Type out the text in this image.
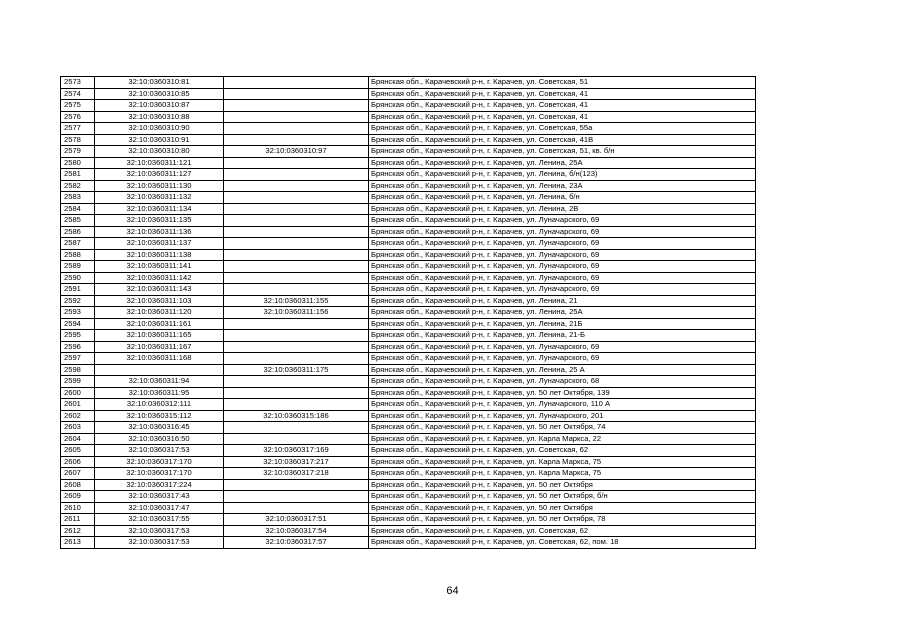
2573	32:10:0360310:81		Брянская обл., Карачевский р-н, г. Карачев, ул. Советская, 51
2574	32:10:0360310:85		Брянская обл., Карачевский р-н, г. Карачев, ул. Советская, 41
2575	32:10:0360310:87		Брянская обл., Карачевский р-н, г. Карачев, ул. Советская, 41
2576	32:10:0360310:88		Брянская обл., Карачевский р-н, г. Карачев, ул. Советская, 41
2577	32:10:0360310:90		Брянская обл., Карачевский р-н, г. Карачев, ул. Советская, 55а
2578	32:10:0360310:91		Брянская обл., Карачевский р-н, г. Карачев, ул. Советская, 41В
2579	32:10:0360310:80	32:10:0360310:97	Брянская обл., Карачевский р-н, г. Карачев, ул. Советская, 51, кв. б/н
2580	32:10:0360311:121		Брянская обл., Карачевский р-н, г. Карачев, ул. Ленина, 25А
2581	32:10:0360311:127		Брянская обл., Карачевский р-н, г. Карачев, ул. Ленина, б/н(123)
2582	32:10:0360311:130		Брянская обл., Карачевский р-н, г. Карачев, ул. Ленина, 23А
2583	32:10:0360311:132		Брянская обл., Карачевский р-н, г. Карачев, ул. Ленина, б/н
2584	32:10:0360311:134		Брянская обл., Карачевский р-н, г. Карачев, ул. Ленина, 2В
2585	32:10:0360311:135		Брянская обл., Карачевский р-н, г. Карачев, ул. Луначарского, 69
2586	32:10:0360311:136		Брянская обл., Карачевский р-н, г. Карачев, ул. Луначарского, 69
2587	32:10:0360311:137		Брянская обл., Карачевский р-н, г. Карачев, ул. Луначарского, 69
2588	32:10:0360311:138		Брянская обл., Карачевский р-н, г. Карачев, ул. Луначарского, 69
2589	32:10:0360311:141		Брянская обл., Карачевский р-н, г. Карачев, ул. Луначарского, 69
2590	32:10:0360311:142		Брянская обл., Карачевский р-н, г. Карачев, ул. Луначарского, 69
2591	32:10:0360311:143		Брянская обл., Карачевский р-н, г. Карачев, ул. Луначарского, 69
2592	32:10:0360311:103	32:10:0360311:155	Брянская обл., Карачевский р-н, г. Карачев, ул. Ленина, 21
2593	32:10:0360311:120	32:10:0360311:156	Брянская обл., Карачевский р-н, г. Карачев, ул. Ленина, 25А
2594	32:10:0360311:161		Брянская обл., Карачевский р-н, г. Карачев, ул. Ленина, 21Б
2595	32:10:0360311:165		Брянская обл., Карачевский р-н, г. Карачев, ул. Ленина, 21-Б
2596	32:10:0360311:167		Брянская обл., Карачевский р-н, г. Карачев, ул. Луначарского, 69
2597	32:10:0360311:168		Брянская обл., Карачевский р-н, г. Карачев, ул. Луначарского, 69
2598		32:10:0360311:175	Брянская обл., Карачевский р-н, г. Карачев, ул. Ленина, 25 А
2599	32:10:0360311:94		Брянская обл., Карачевский р-н, г. Карачев, ул. Луначарского, 68
2600	32:10:0360311:95		Брянская обл., Карачевский р-н, г. Карачев, ул. 50 лет Октября, 139
2601	32:10:0360312:111		Брянская обл., Карачевский р-н, г. Карачев, ул. Луначарского, 110 А
2602	32:10:0360315:112	32:10:0360315:186	Брянская обл., Карачевский р-н, г. Карачев, ул. Луначарского, 201
2603	32:10:0360316:45		Брянская обл., Карачевский р-н, г. Карачев, ул. 50 лет Октября, 74
2604	32:10:0360316:50		Брянская обл., Карачевский р-н, г. Карачев, ул. Карла Маркса, 22
2605	32:10:0360317:53	32:10:0360317:169	Брянская обл., Карачевский р-н, г. Карачев, ул. Советская, 62
2606	32:10:0360317:170	32:10:0360317:217	Брянская обл., Карачевский р-н, г. Карачев, ул. Карла Маркса, 75
2607	32:10:0360317:170	32:10:0360317:218	Брянская обл., Карачевский р-н, г. Карачев, ул. Карла Маркса, 75
2608	32:10:0360317:224		Брянская обл., Карачевский р-н, г. Карачев, ул. 50 лет Октября
2609	32:10:0360317:43		Брянская обл., Карачевский р-н, г. Карачев, ул. 50 лет Октября, б/н
2610	32:10:0360317:47		Брянская обл., Карачевский р-н, г. Карачев, ул. 50 лет Октября
2611	32:10:0360317:55	32:10:0360317:51	Брянская обл., Карачевский р-н, г. Карачев, ул. 50 лет Октября, 78
2612	32:10:0360317:53	32:10:0360317:54	Брянская обл., Карачевский р-н, г. Карачев, ул. Советская, 62
2613	32:10:0360317:53	32:10:0360317:57	Брянская обл., Карачевский р-н, г. Карачев, ул. Советская, 62, пом. 18
64
